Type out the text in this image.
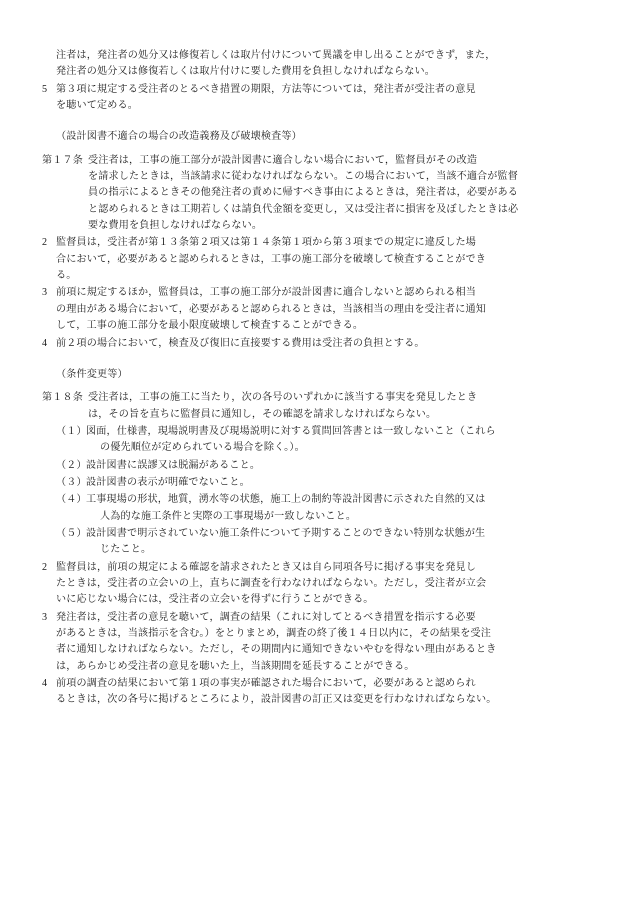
注者は，発注者の処分又は修復若しくは取片付けについて異議を申し出ることができず，また，
発注者の処分又は修復若しくは取片付けに要した費用を負担しなければならない。
5 第３項に規定する受注者のとるべき措置の期限，方法等については，発注者が受注者の意見
を聴いて定める。
（設計図書不適合の場合の改造義務及び破壊検査等）
第１７条 受注者は，工事の施工部分が設計図書に適合しない場合において，監督員がその改造
を請求したときは，当該請求に従わなければならない。この場合において，当該不適合が監督
員の指示によるときその他発注者の責めに帰すべき事由によるときは，発注者は，必要がある
と認められるときは工期若しくは請負代金額を変更し，又は受注者に損害を及ぼしたときは必
要な費用を負担しなければならない。
2 監督員は，受注者が第１３条第２項又は第１４条第１項から第３項までの規定に違反した場
合において，必要があると認められるときは，工事の施工部分を破壊して検査することができ
る。
3 前項に規定するほか，監督員は，工事の施工部分が設計図書に適合しないと認められる相当
の理由がある場合において，必要があると認められるときは，当該相当の理由を受注者に通知
して，工事の施工部分を最小限度破壊して検査することができる。
4 前２項の場合において，検査及び復旧に直接要する費用は受注者の負担とする。
（条件変更等）
第１８条 受注者は，工事の施工に当たり，次の各号のいずれかに該当する事実を発見したとき
は，その旨を直ちに監督員に通知し，その確認を請求しなければならない。
（１） 図面，仕様書，現場説明書及び現場説明に対する質問回答書とは一致しないこと（これら
の優先順位が定められている場合を除く。）。
（２） 設計図書に誤謬又は脱漏があること。
（３） 設計図書の表示が明確でないこと。
（４） 工事現場の形状，地質，湧水等の状態，施工上の制約等設計図書に示された自然的又は
人為的な施工条件と実際の工事現場が一致しないこと。
（５） 設計図書で明示されていない施工条件について予期することのできない特別な状態が生
じたこと。
2 監督員は，前項の規定による確認を請求されたとき又は自ら同項各号に掲げる事実を発見し
たときは，受注者の立会いの上，直ちに調査を行わなければならない。ただし，受注者が立会
いに応じない場合には，受注者の立会いを得ずに行うことができる。
3 発注者は，受注者の意見を聴いて，調査の結果（これに対してとるべき措置を指示する必要
があるときは，当該指示を含む。）をとりまとめ，調査の終了後１４日以内に，その結果を受注
者に通知しなければならない。ただし，その期間内に通知できないやむを得ない理由があるとき
は，あらかじめ受注者の意見を聴いた上，当該期間を延長することができる。
4 前項の調査の結果において第１項の事実が確認された場合において，必要があると認められ
るときは，次の各号に掲げるところにより，設計図書の訂正又は変更を行わなければならない。
